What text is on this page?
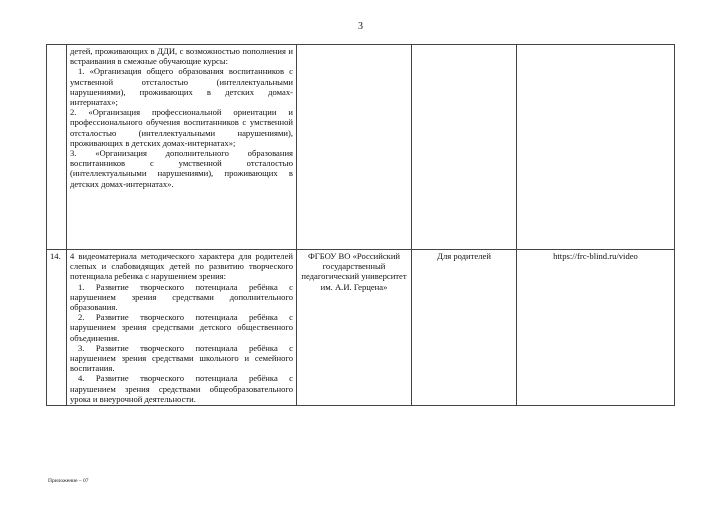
3

	детей, проживающих в ДДИ, с возможностью пополнения и встраивания в смежные обучающие курсы:

1. «Организация общего образования воспитанников с умственной отсталостью (интеллектуальными нарушениями), проживающих в детских домах-интернатах»;

2. «Организация профессиональной ориентации и профессионального обучения воспитанников с умственной отсталостью (интеллектуальными нарушениями), проживающих в детских домах-интернатах»;

3. «Организация дополнительного образования воспитанников с умственной отсталостью (интеллектуальными нарушениями), проживающих в детских домах-интернатах».			

14.	4 видеоматериала методического характера для родителей слепых и слабовидящих детей по развитию творческого потенциала ребенка с нарушением зрения:

1. Развитие творческого потенциала ребёнка с нарушением зрения средствами дополнительного образования.

2. Развитие творческого потенциала ребёнка с нарушением зрения средствами детского общественного объединения.

3. Развитие творческого потенциала ребёнка с нарушением зрения средствами школьного и семейного воспитания.

4. Развитие творческого потенциала ребёнка с нарушением зрения средствами общеобразовательного урока и внеурочной деятельности.	ФГБОУ ВО «Российский государственный педагогический университет им. А.И. Герцена»	Для родителей	https://frc-blind.ru/video
Приложение – 07
